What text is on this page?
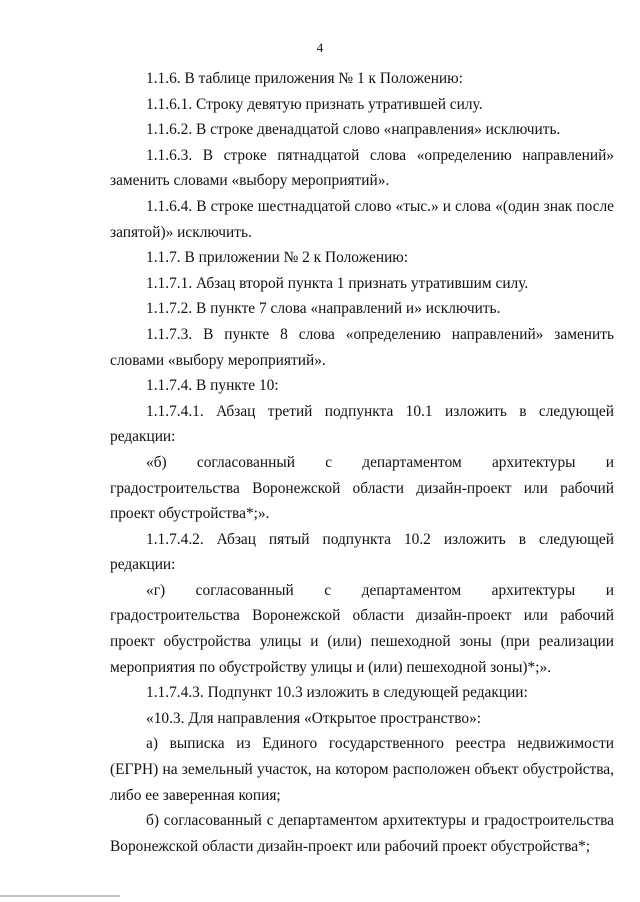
4

1.1.6. В таблице приложения № 1 к Положению:

1.1.6.1. Строку девятую признать утратившей силу.

1.1.6.2. В строке двенадцатой слово «направления» исключить.

1.1.6.3. В строке пятнадцатой слова «определению направлений» заменить словами «выбору мероприятий».

1.1.6.4. В строке шестнадцатой слово «тыс.» и слова «(один знак после запятой)» исключить.

1.1.7. В приложении № 2 к Положению:

1.1.7.1. Абзац второй пункта 1 признать утратившим силу.

1.1.7.2. В пункте 7 слова «направлений и» исключить.

1.1.7.3. В пункте 8 слова «определению направлений» заменить словами «выбору мероприятий».

1.1.7.4. В пункте 10:

1.1.7.4.1. Абзац третий подпункта 10.1 изложить в следующей редакции:

«б) согласованный с департаментом архитектуры и градостроительства Воронежской области дизайн-проект или рабочий проект обустройства*;».

1.1.7.4.2. Абзац пятый подпункта 10.2 изложить в следующей редакции:

«г) согласованный с департаментом архитектуры и градостроительства Воронежской области дизайн-проект или рабочий проект обустройства улицы и (или) пешеходной зоны (при реализации мероприятия по обустройству улицы и (или) пешеходной зоны)*;».

1.1.7.4.3. Подпункт 10.3 изложить в следующей редакции:

«10.3. Для направления «Открытое пространство»:

а) выписка из Единого государственного реестра недвижимости (ЕГРН) на земельный участок, на котором расположен объект обустройства, либо ее заверенная копия;

б) согласованный с департаментом архитектуры и градостроительства Воронежской области дизайн-проект или рабочий проект обустройства*;
